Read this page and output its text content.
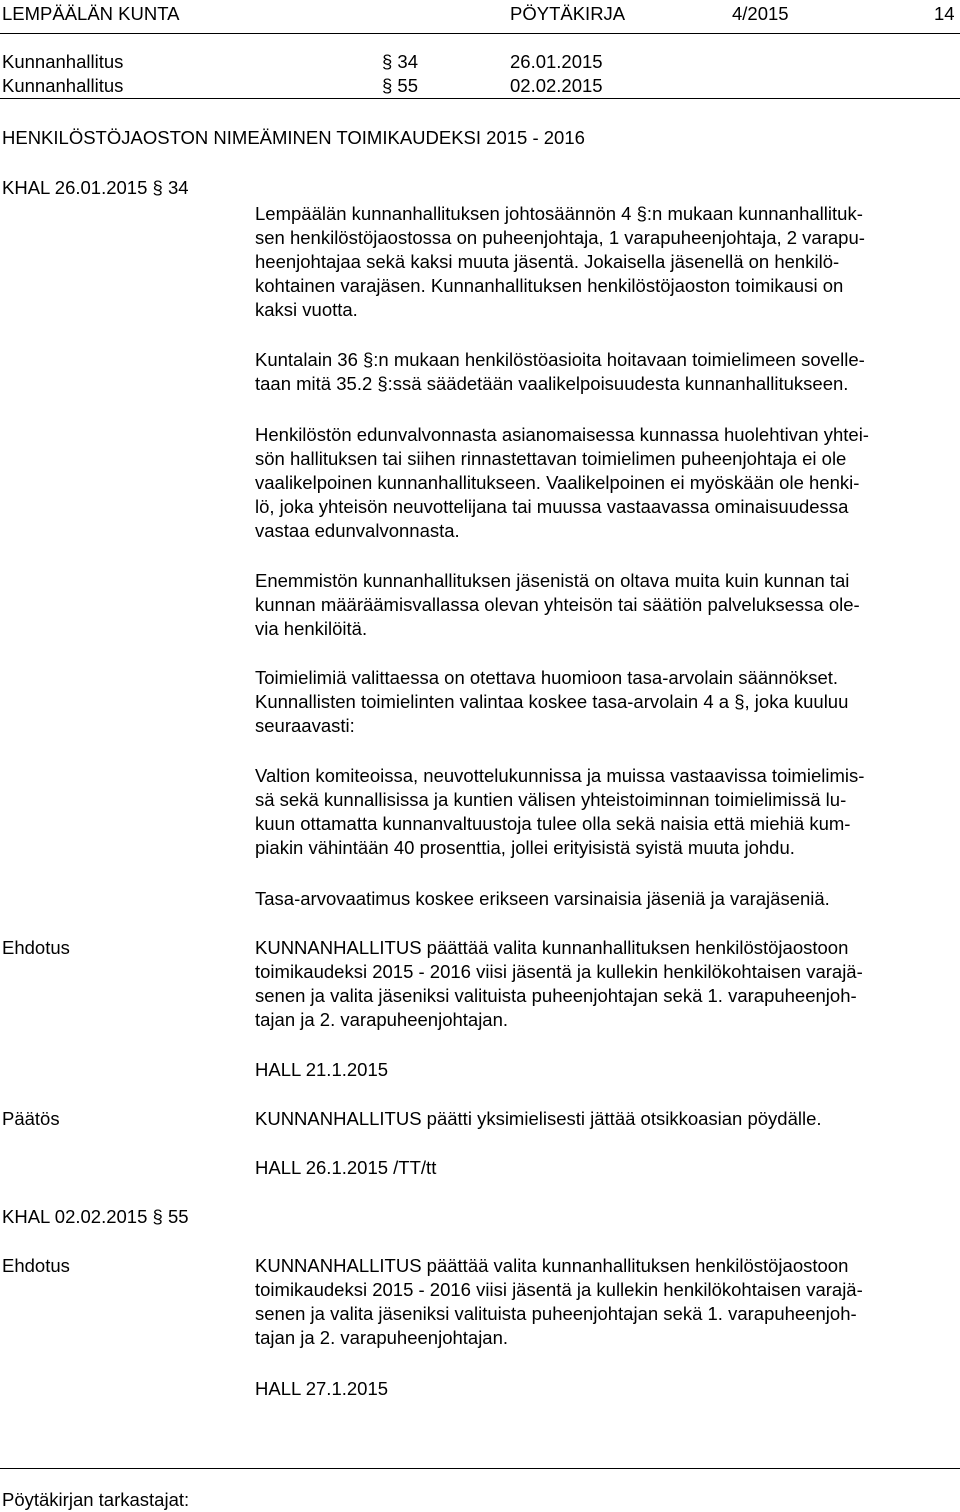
LEMPÄÄLÄN KUNTA	PÖYTÄKIRJA	4/2015	14
Kunnanhallitus	§ 34	26.01.2015
Kunnanhallitus	§ 55	02.02.2015
HENKILÖSTÖJAOSTON NIMEÄMINEN TOIMIKAUDEKSI 2015 - 2016
KHAL 26.01.2015 § 34
Lempäälän kunnanhallituksen johtosäännön 4 §:n mukaan kunnanhallituk-
sen henkilöstöjaostossa on puheenjohtaja, 1 varapuheenjohtaja, 2 varapu-
heenjohtajaa sekä kaksi muuta jäsentä. Jokaisella jäsenellä on henkilö-
kohtainen varajäsen. Kunnanhallituksen henkilöstöjaoston toimikausi on
kaksi vuotta.
Kuntalain 36 §:n mukaan henkilöstöasioita hoitavaan toimielimeen sovelle-
taan mitä 35.2 §:ssä säädetään vaalikelpoisuudesta kunnanhallitukseen.
Henkilöstön edunvalvonnasta asianomaisessa kunnassa huolehtivan yhtei-
sön hallituksen tai siihen rinnastettavan toimielimen puheenjohtaja ei ole
vaalikelpoinen kunnanhallitukseen. Vaalikelpoinen ei myöskään ole henki-
lö, joka yhteisön neuvottelijana tai muussa vastaavassa ominaisuudessa
vastaa edunvalvonnasta.
Enemmistön kunnanhallituksen jäsenistä on oltava muita kuin kunnan tai
kunnan määräämisvallassa olevan yhteisön tai säätiön palveluksessa ole-
via henkilöitä.
Toimielimiä valittaessa on otettava huomioon tasa-arvolain säännökset.
Kunnallisten toimielinten valintaa koskee tasa-arvolain 4 a §, joka kuuluu
seuraavasti:
Valtion komiteoissa, neuvottelukunnissa ja muissa vastaavissa toimielimis-
sä sekä kunnallisissa ja kuntien välisen yhteistoiminnan toimielimissä lu-
kuun ottamatta kunnanvaltuustoja tulee olla sekä naisia että miehiä kum-
piakin vähintään 40 prosenttia, jollei erityisistä syistä muuta johdu.
Tasa-arvovaatimus koskee erikseen varsinaisia jäseniä ja varajäseniä.
Ehdotus	KUNNANHALLITUS päättää valita kunnanhallituksen henkilöstöjaostoon
toimikaudeksi 2015 - 2016 viisi jäsentä ja kullekin henkilökohtaisen varajä-
senen ja valita jäseniksi valituista puheenjohtajan sekä 1. varapuheenjoh-
tajan ja 2. varapuheenjohtajan.
HALL 21.1.2015
Päätös	KUNNANHALLITUS päätti yksimielisesti jättää otsikkoasian pöydälle.
HALL 26.1.2015 /TT/tt
KHAL 02.02.2015 § 55
Ehdotus	KUNNANHALLITUS päättää valita kunnanhallituksen henkilöstöjaostoon
toimikaudeksi 2015 - 2016 viisi jäsentä ja kullekin henkilökohtaisen varajä-
senen ja valita jäseniksi valituista puheenjohtajan sekä 1. varapuheenjoh-
tajan ja 2. varapuheenjohtajan.
HALL 27.1.2015
Pöytäkirjan tarkastajat:
